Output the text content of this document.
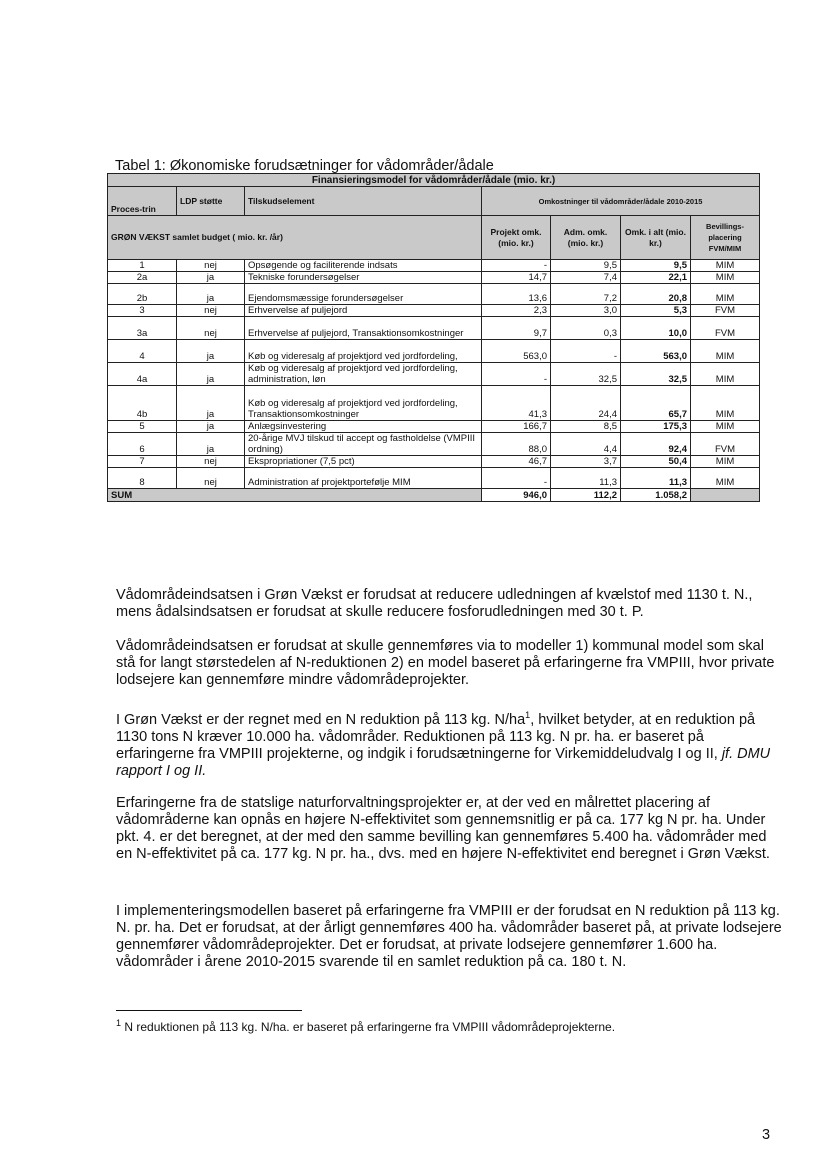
Tabel 1: Økonomiske forudsætninger for vådområder/ådale
Finansieringsmodel for vådområder/ådale (mio. kr.)						
Proces-trin	LDP støtte	Tilskudselement	Omkostninger til vådområder/ådale 2010-2015			
GRØN VÆKST samlet budget ( mio. kr. /år)			Projekt omk. (mio. kr.)	Adm. omk. (mio. kr.)	Omk. i alt (mio. kr.)	Bevillings-placering FVM/MIM
1	nej	Opsøgende og faciliterende indsats	-	9,5	9,5	MIM
2a	ja	Tekniske forundersøgelser	14,7	7,4	22,1	MIM
2b	ja	Ejendomsmæssige forundersøgelser	13,6	7,2	20,8	MIM
3	nej	Erhvervelse af puljejord	2,3	3,0	5,3	FVM
3a	nej	Erhvervelse af puljejord, Transaktionsomkostninger	9,7	0,3	10,0	FVM
4	ja	Køb og videresalg af projektjord ved jordfordeling,	563,0	-	563,0	MIM
4a	ja	Køb og videresalg af projektjord ved jordfordeling, administration, løn	-	32,5	32,5	MIM
4b	ja	Køb og videresalg af projektjord ved jordfordeling, Transaktionsomkostninger	41,3	24,4	65,7	MIM
5	ja	Anlægsinvestering	166,7	8,5	175,3	MIM
6	ja	20-årige MVJ tilskud til accept og fastholdelse (VMPIII ordning)	88,0	4,4	92,4	FVM
7	nej	Ekspropriationer (7,5 pct)	46,7	3,7	50,4	MIM
8	nej	Administration af projektportefølje MIM	-	11,3	11,3	MIM
SUM			946,0	112,2	1.058,2	

Vådområdeindsatsen i Grøn Vækst er forudsat at reducere udledningen af kvælstof med 1130 t. N., mens ådalsindsatsen er forudsat at skulle reducere fosforudledningen med 30 t. P.

Vådområdeindsatsen er forudsat at skulle gennemføres via to modeller 1) kommunal model som skal stå for langt størstedelen af N-reduktionen 2) en model baseret på erfaringerne fra VMPIII, hvor private lodsejere kan gennemføre mindre vådområdeprojekter.

I Grøn Vækst er der regnet med en N reduktion på 113 kg. $N/ha^1$, hvilket betyder, at en reduktion på 1130 tons N kræver 10.000 ha. vådområder. Reduktionen på 113 kg. N pr. ha. er baseret på erfaringerne fra VMPIII projekterne, og indgik i forudsætningerne for Virkemiddeludvalg I og II, jf. DMU rapport I og II.

Erfaringerne fra de statslige naturforvaltningsprojekter er, at der ved en målrettet placering af vådområderne kan opnås en højere N-effektivitet som gennemsnitlig er på ca. 177 kg N pr. ha. Under pkt. 4. er det beregnet, at der med den samme bevilling kan gennemføres 5.400 ha. vådområder med en N-effektivitet på ca. 177 kg. N pr. ha., dvs. med en højere N-effektivitet end beregnet i Grøn Vækst.

I implementeringsmodellen baseret på erfaringerne fra VMPIII er der forudsat en N reduktion på 113 kg. N. pr. ha. Det er forudsat, at der årligt gennemføres 400 ha. vådområder baseret på, at private lodsejere gennemfører vådområdeprojekter. Det er forudsat, at private lodsejere gennemfører 1.600 ha. vådområder i årene 2010-2015 svarende til en samlet reduktion på ca. 180 t. N.

$^1$ N reduktionen på 113 kg. N/ha. er baseret på erfaringerne fra VMPIII vådområdeprojekterne.
3
